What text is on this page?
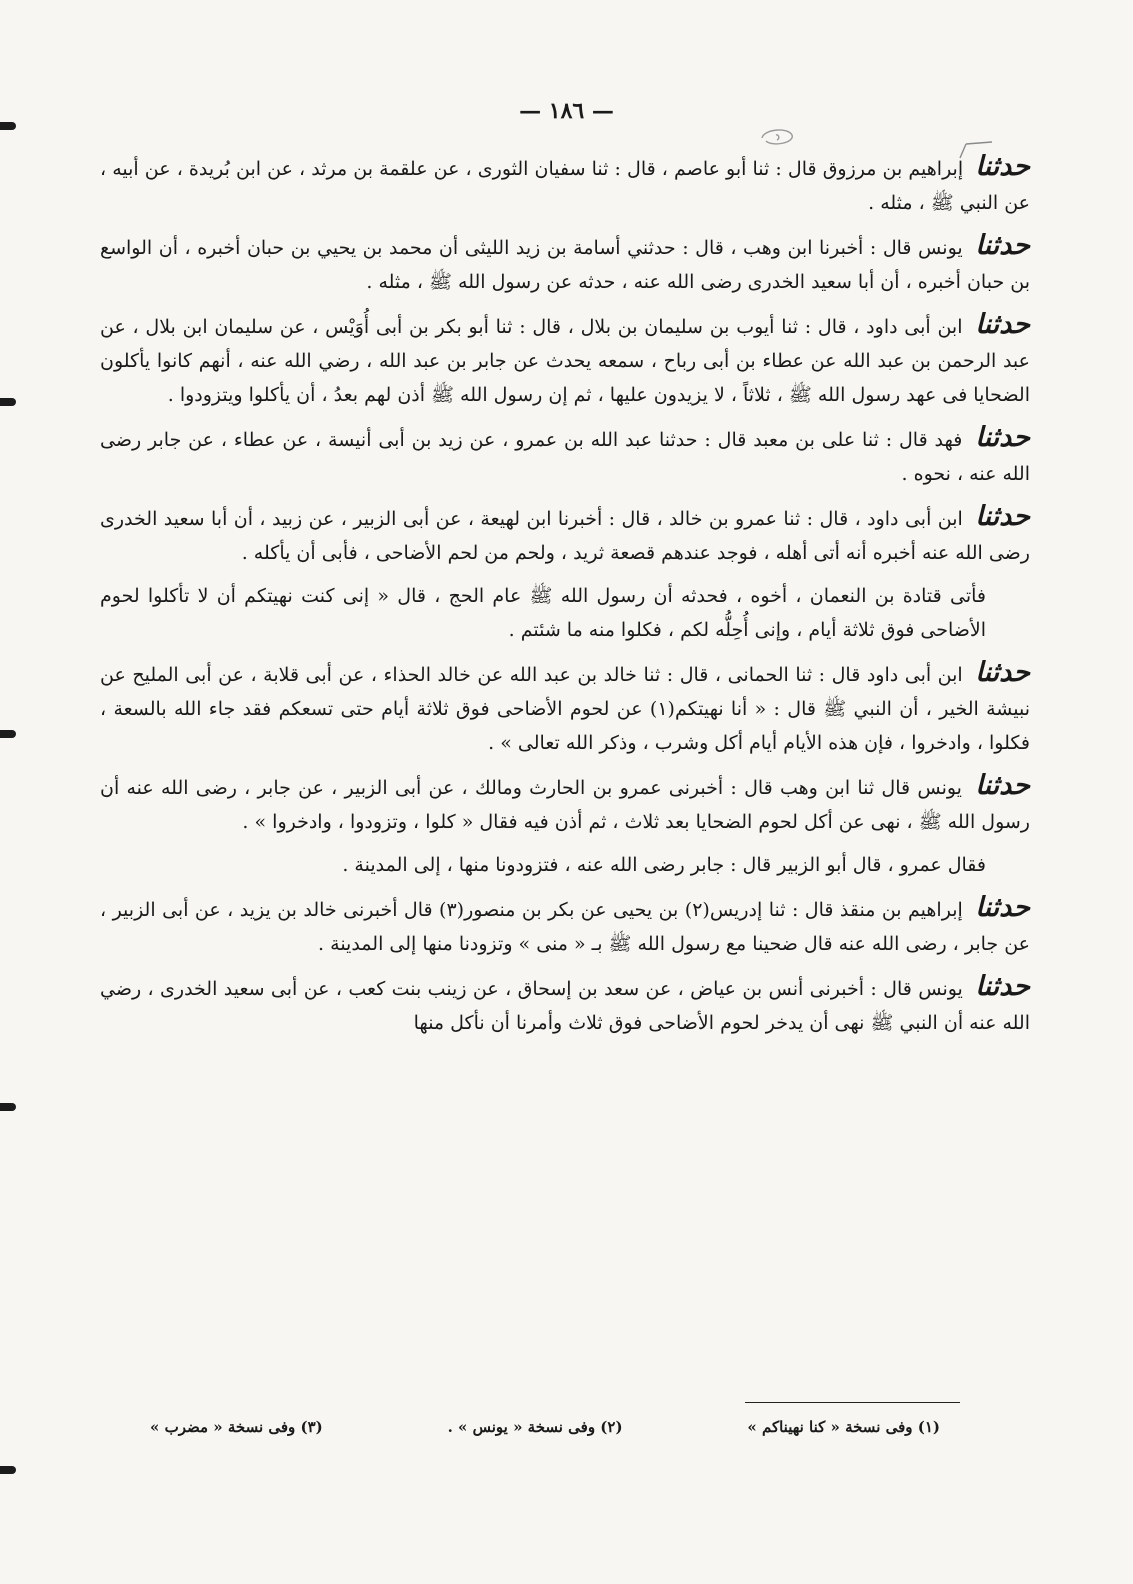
— ١٨٦ —

حدثنا إبراهيم بن مرزوق قال : ثنا أبو عاصم ، قال : ثنا سفيان الثورى ، عن علقمة بن مرثد ، عن ابن بُريدة ، عن أبيه ، عن النبي ﷺ ، مثله .

حدثنا يونس قال : أخبرنا ابن وهب ، قال : حدثني أسامة بن زيد الليثى أن محمد بن يحيي بن حبان أخبره ، أن الواسع بن حبان أخبره ، أن أبا سعيد الخدرى رضى الله عنه ، حدثه عن رسول الله ﷺ ، مثله .

حدثنا ابن أبى داود ، قال : ثنا أيوب بن سليمان بن بلال ، قال : ثنا أبو بكر بن أبى أُوَيْس ، عن سليمان ابن بلال ، عن عبد الرحمن بن عبد الله عن عطاء بن أبى رباح ، سمعه يحدث عن جابر بن عبد الله ، رضي الله عنه ، أنهم كانوا يأكلون الضحايا فى عهد رسول الله ﷺ ، ثلاثاً ، لا يزيدون عليها ، ثم إن رسول الله ﷺ أذن لهم بعدُ ، أن يأكلوا ويتزودوا .

حدثنا فهد قال : ثنا على بن معبد قال : حدثنا عبد الله بن عمرو ، عن زيد بن أبى أنيسة ، عن عطاء ، عن جابر رضى الله عنه ، نحوه .

حدثنا ابن أبى داود ، قال : ثنا عمرو بن خالد ، قال : أخبرنا ابن لهيعة ، عن أبى الزبير ، عن زبيد ، أن أبا سعيد الخدرى رضى الله عنه أخبره أنه أتى أهله ، فوجد عندهم قصعة ثريد ، ولحم من لحم الأضاحى ، فأبى أن يأكله .

فأتى قتادة بن النعمان ، أخوه ، فحدثه أن رسول الله ﷺ عام الحج ، قال « إنى كنت نهيتكم أن لا تأكلوا لحوم الأضاحى فوق ثلاثة أيام ، وإنى أُحِلُّه لكم ، فكلوا منه ما شئتم .

حدثنا ابن أبى داود قال : ثنا الحمانى ، قال : ثنا خالد بن عبد الله عن خالد الحذاء ، عن أبى قلابة ، عن أبى المليح عن نبيشة الخير ، أن النبي ﷺ قال : « أنا نهيتكم(١) عن لحوم الأضاحى فوق ثلاثة أيام حتى تسعكم فقد جاء الله بالسعة ، فكلوا ، وادخروا ، فإن هذه الأيام أيام أكل وشرب ، وذكر الله تعالى » .

حدثنا يونس قال ثنا ابن وهب قال : أخبرنى عمرو بن الحارث ومالك ، عن أبى الزبير ، عن جابر ، رضى الله عنه أن رسول الله ﷺ ، نهى عن أكل لحوم الضحايا بعد ثلاث ، ثم أذن فيه فقال « كلوا ، وتزودوا ، وادخروا » .

فقال عمرو ، قال أبو الزبير قال : جابر رضى الله عنه ، فتزودونا منها ، إلى المدينة .

حدثنا إبراهيم بن منقذ قال : ثنا إدريس(٢) بن يحيى عن بكر بن منصور(٣) قال أخبرنى خالد بن يزيد ، عن أبى الزبير ، عن جابر ، رضى الله عنه قال ضحينا مع رسول الله ﷺ بـ « منى » وتزودنا منها إلى المدينة .

حدثنا يونس قال : أخبرنى أنس بن عياض ، عن سعد بن إسحاق ، عن زينب بنت كعب ، عن أبى سعيد الخدرى ، رضي الله عنه أن النبي ﷺ نهى أن يدخر لحوم الأضاحى فوق ثلاث وأمرنا أن نأكل منها

(١) وفى نسخة « كنا نهيناكم »
(٢) وفى نسخة « يونس » .
(٣) وفى نسخة « مضرب »
